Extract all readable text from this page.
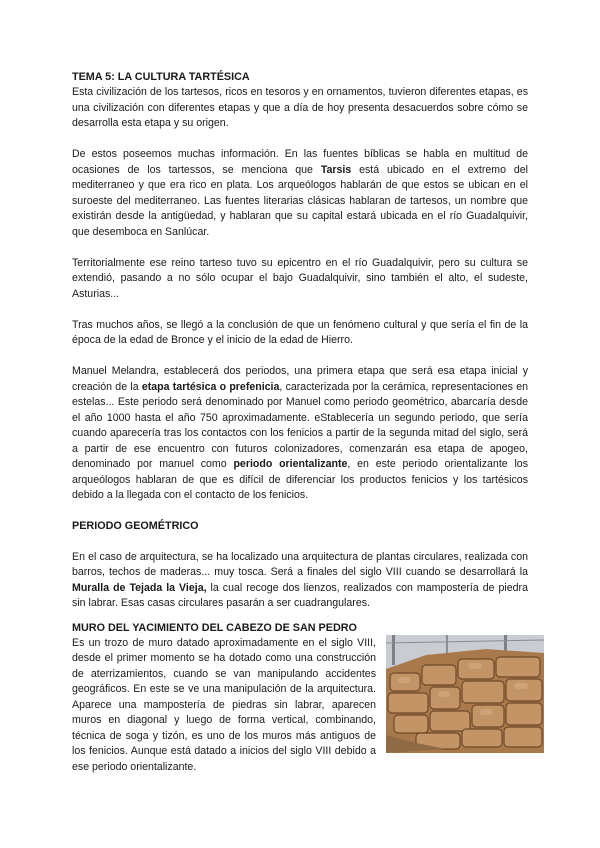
TEMA 5: LA CULTURA TARTÉSICA

Esta civilización de los tartesos, ricos en tesoros y en ornamentos, tuvieron diferentes etapas, es una civilización con diferentes etapas y que a día de hoy presenta desacuerdos sobre cómo se desarrolla esta etapa y su origen.

De estos poseemos muchas información. En las fuentes bíblicas se habla en multitud de ocasiones de los tartessos, se menciona que Tarsis está ubicado en el extremo del mediterraneo y que era rico en plata. Los arqueólogos hablarán de que estos se ubican en el suroeste del mediterraneo. Las fuentes literarias clásicas hablaran de tartesos, un nombre que existirán desde la antigüedad, y hablaran que su capital estará ubicada en el río Guadalquivir, que desemboca en Sanlúcar.

Territorialmente ese reino tarteso tuvo su epicentro en el río Guadalquivir, pero su cultura se extendió, pasando a no sólo ocupar el bajo Guadalquivir, sino también el alto, el sudeste, Asturias...

Tras muchos años, se llegó a la conclusión de que un fenómeno cultural y que sería el fin de la época de la edad de Bronce y el inicio de la edad de Hierro.

Manuel Melandra, establecerá dos periodos, una primera etapa que será esa etapa inicial y creación de la etapa tartésica o prefenicia, caracterizada por la cerámica, representaciones en estelas... Este periodo será denominado por Manuel como periodo geométrico, abarcaría desde el año 1000 hasta el año 750 aproximadamente. eStablecería un segundo periodo, que sería cuando aparecería tras los contactos con los fenicios a partir de la segunda mitad del siglo, será a partir de ese encuentro con futuros colonizadores, comenzarán esa etapa de apogeo, denominado por manuel como periodo orientalizante, en este periodo orientalizante los arqueólogos hablaran de que es difícil de diferenciar los productos fenicios y los tartésicos debido a la llegada con el contacto de los fenicios.

PERIODO GEOMÉTRICO

En el caso de arquitectura, se ha localizado una arquitectura de plantas circulares, realizada con barros, techos de maderas... muy tosca. Será a finales del siglo VIII cuando se desarrollará la Muralla de Tejada la Vieja, la cual recoge dos lienzos, realizados con mampostería de piedra sin labrar. Esas casas circulares pasarán a ser cuadrangulares.

MURO DEL YACIMIENTO DEL CABEZO DE SAN PEDRO

Es un trozo de muro datado aproximadamente en el siglo VIII, desde el primer momento se ha dotado como una construcción de aterrizamientos, cuando se van manipulando accidentes geográficos. En este se ve una manipulación de la arquitectura. Aparece una mampostería de piedras sin labrar, aparecen muros en diagonal y luego de forma vertical, combinando, técnica de soga y tizón, es uno de los muros más antiguos de los fenicios. Aunque está datado a inicios del siglo VIII debido a ese periodo orientalizante.
